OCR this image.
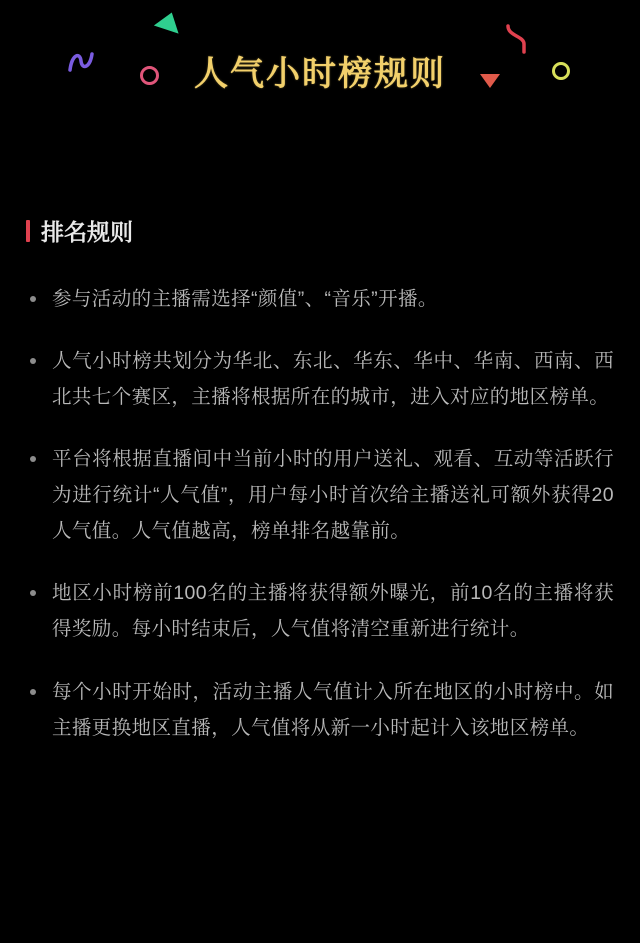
人气小时榜规则
排名规则
参与活动的主播需选择“颜值”、“音乐”开播。
人气小时榜共划分为华北、东北、华东、华中、华南、西南、西北共七个赛区，主播将根据所在的城市，进入对应的地区榜单。
平台将根据直播间中当前小时的用户送礼、观看、互动等活跃行为进行统计“人气值”，用户每小时首次给主播送礼可额外获得20人气值。人气值越高，榜单排名越靠前。
地区小时榜前100名的主播将获得额外曝光，前10名的主播将获得奖励。每小时结束后，人气值将清空重新进行统计。
每个小时开始时，活动主播人气值计入所在地区的小时榜中。如主播更换地区直播，人气值将从新一小时起计入该地区榜单。
